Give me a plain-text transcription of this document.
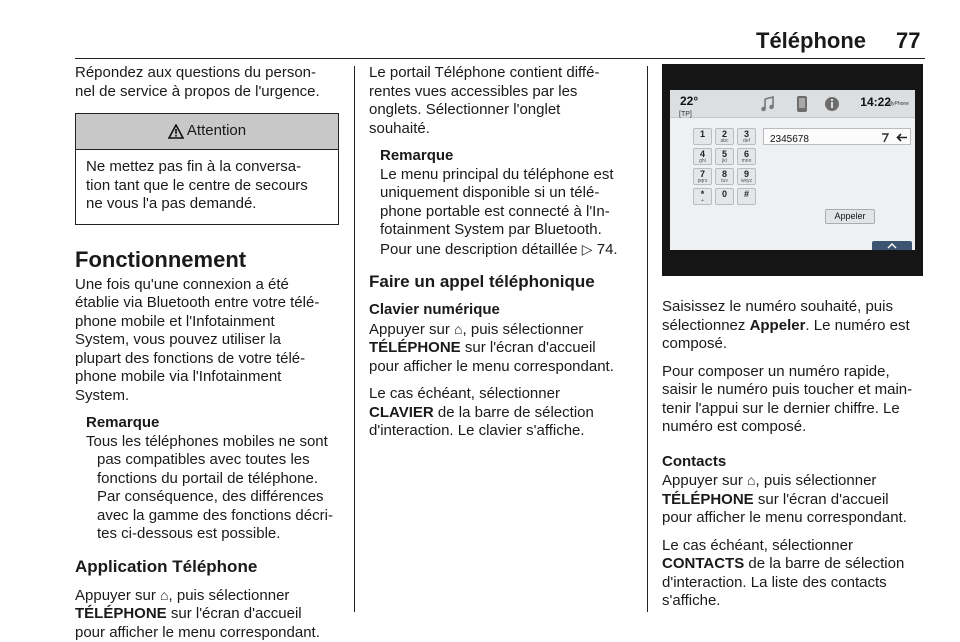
Téléphone 77
Répondez aux questions du person-
nel de service à propos de l'urgence.
Attention
Ne mettez pas fin à la conversa-
tion tant que le centre de secours
ne vous l'a pas demandé.
Fonctionnement
Une fois qu'une connexion a été
établie via Bluetooth entre votre télé-
phone mobile et l'Infotainment
System, vous pouvez utiliser la
plupart des fonctions de votre télé-
phone mobile via l'Infotainment
System.
Remarque
Tous les téléphones mobiles ne sont
pas compatibles avec toutes les
fonctions du portail de téléphone.
Par conséquence, des différences
avec la gamme des fonctions décri-
tes ci-dessous est possible.
Application Téléphone
Appuyer sur ⌂, puis sélectionner
TÉLÉPHONE sur l'écran d'accueil
pour afficher le menu correspondant.
Le portail Téléphone contient diffé-
rentes vues accessibles par les
onglets. Sélectionner l'onglet
souhaité.
Remarque
Le menu principal du téléphone est
uniquement disponible si un télé-
phone portable est connecté à l'In-
fotainment System par Bluetooth.
Pour une description détaillée ▷ 74.
Faire un appel téléphonique
Clavier numérique
Appuyer sur ⌂, puis sélectionner
TÉLÉPHONE sur l'écran d'accueil
pour afficher le menu correspondant.
Le cas échéant, sélectionner
CLAVIER de la barre de sélection
d'interaction. Le clavier s'affiche.
22°
[TP]
14:22
MyPhone
1	2
abc
3
def
4
ghi
5
jkl
6
mno
7
pqrs
8
tuv
9
wxyz
*
+
0	#
2345678
Appeler
Saisissez le numéro souhaité, puis
sélectionnez Appeler. Le numéro est
composé.
Pour composer un numéro rapide,
saisir le numéro puis toucher et main-
tenir l'appui sur le dernier chiffre. Le
numéro est composé.
Contacts
Appuyer sur ⌂, puis sélectionner
TÉLÉPHONE sur l'écran d'accueil
pour afficher le menu correspondant.
Le cas échéant, sélectionner
CONTACTS de la barre de sélection
d'interaction. La liste des contacts
s'affiche.
